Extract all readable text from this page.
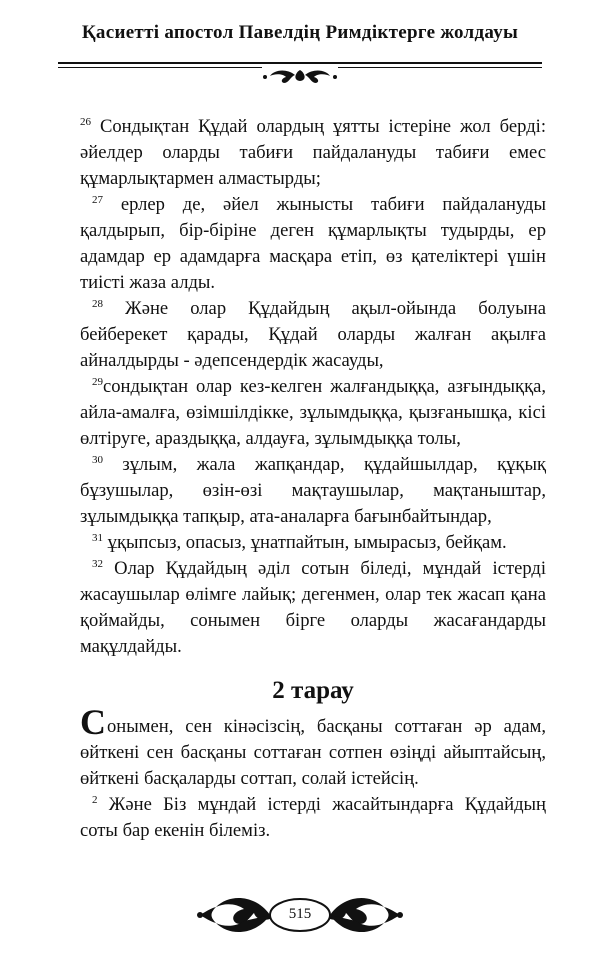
Қасиетті апостол Павелдің Римдіктерге жолдауы

$^{26}$ Сондықтан Құдай олардың ұятты істеріне жол берді: әйелдер оларды табиғи пайдалануды табиғи емес құмарлықтармен алмастырды;

$^{27}$ ерлер де, әйел жынысты табиғи пайдалануды қалдырып, бір-біріне деген құмарлықты тудырды, ер адамдар ер адамдарға масқара етіп, өз қателіктері үшін тиісті жаза алды.

$^{28}$ Және олар Құдайдың ақыл-ойында болуына бейберекет қарады, Құдай оларды жалған ақылға айналдырды - әдепсендердік жасауды,

$^{29}$сондықтан олар кез-келген жалғандыққа, азғындыққа, айла-амалға, өзімшілдікке, зұлымдыққа, қызғанышқа, кісі өлтіруге, араздыққа, алдауға, зұлымдыққа толы,

$^{30}$ зұлым, жала жапқандар, құдайшылдар, құқық бұзушылар, өзін-өзі мақтаушылар, мақтаныштар, зұлымдыққа тапқыр, ата-аналарға бағынбайтындар,

$^{31}$ ұқыпсыз, опасыз, ұнатпайтын, ымырасыз, бейқам.

$^{32}$ Олар Құдайдың әділ сотын біледі, мұндай істерді жасаушылар өлімге лайық; дегенмен, олар тек жасап қана қоймайды, сонымен бірге оларды жасағандарды мақұлдайды.

2 тарау

Сонымен, сен кінәсізсің, басқаны соттаған әр адам, өйткені сен басқаны соттаған сотпен өзіңді айыптайсың, өйткені басқаларды соттап, солай істейсің.

$^2$ Және Біз мұндай істерді жасайтындарға Құдайдың соты бар екенін білеміз.

515
